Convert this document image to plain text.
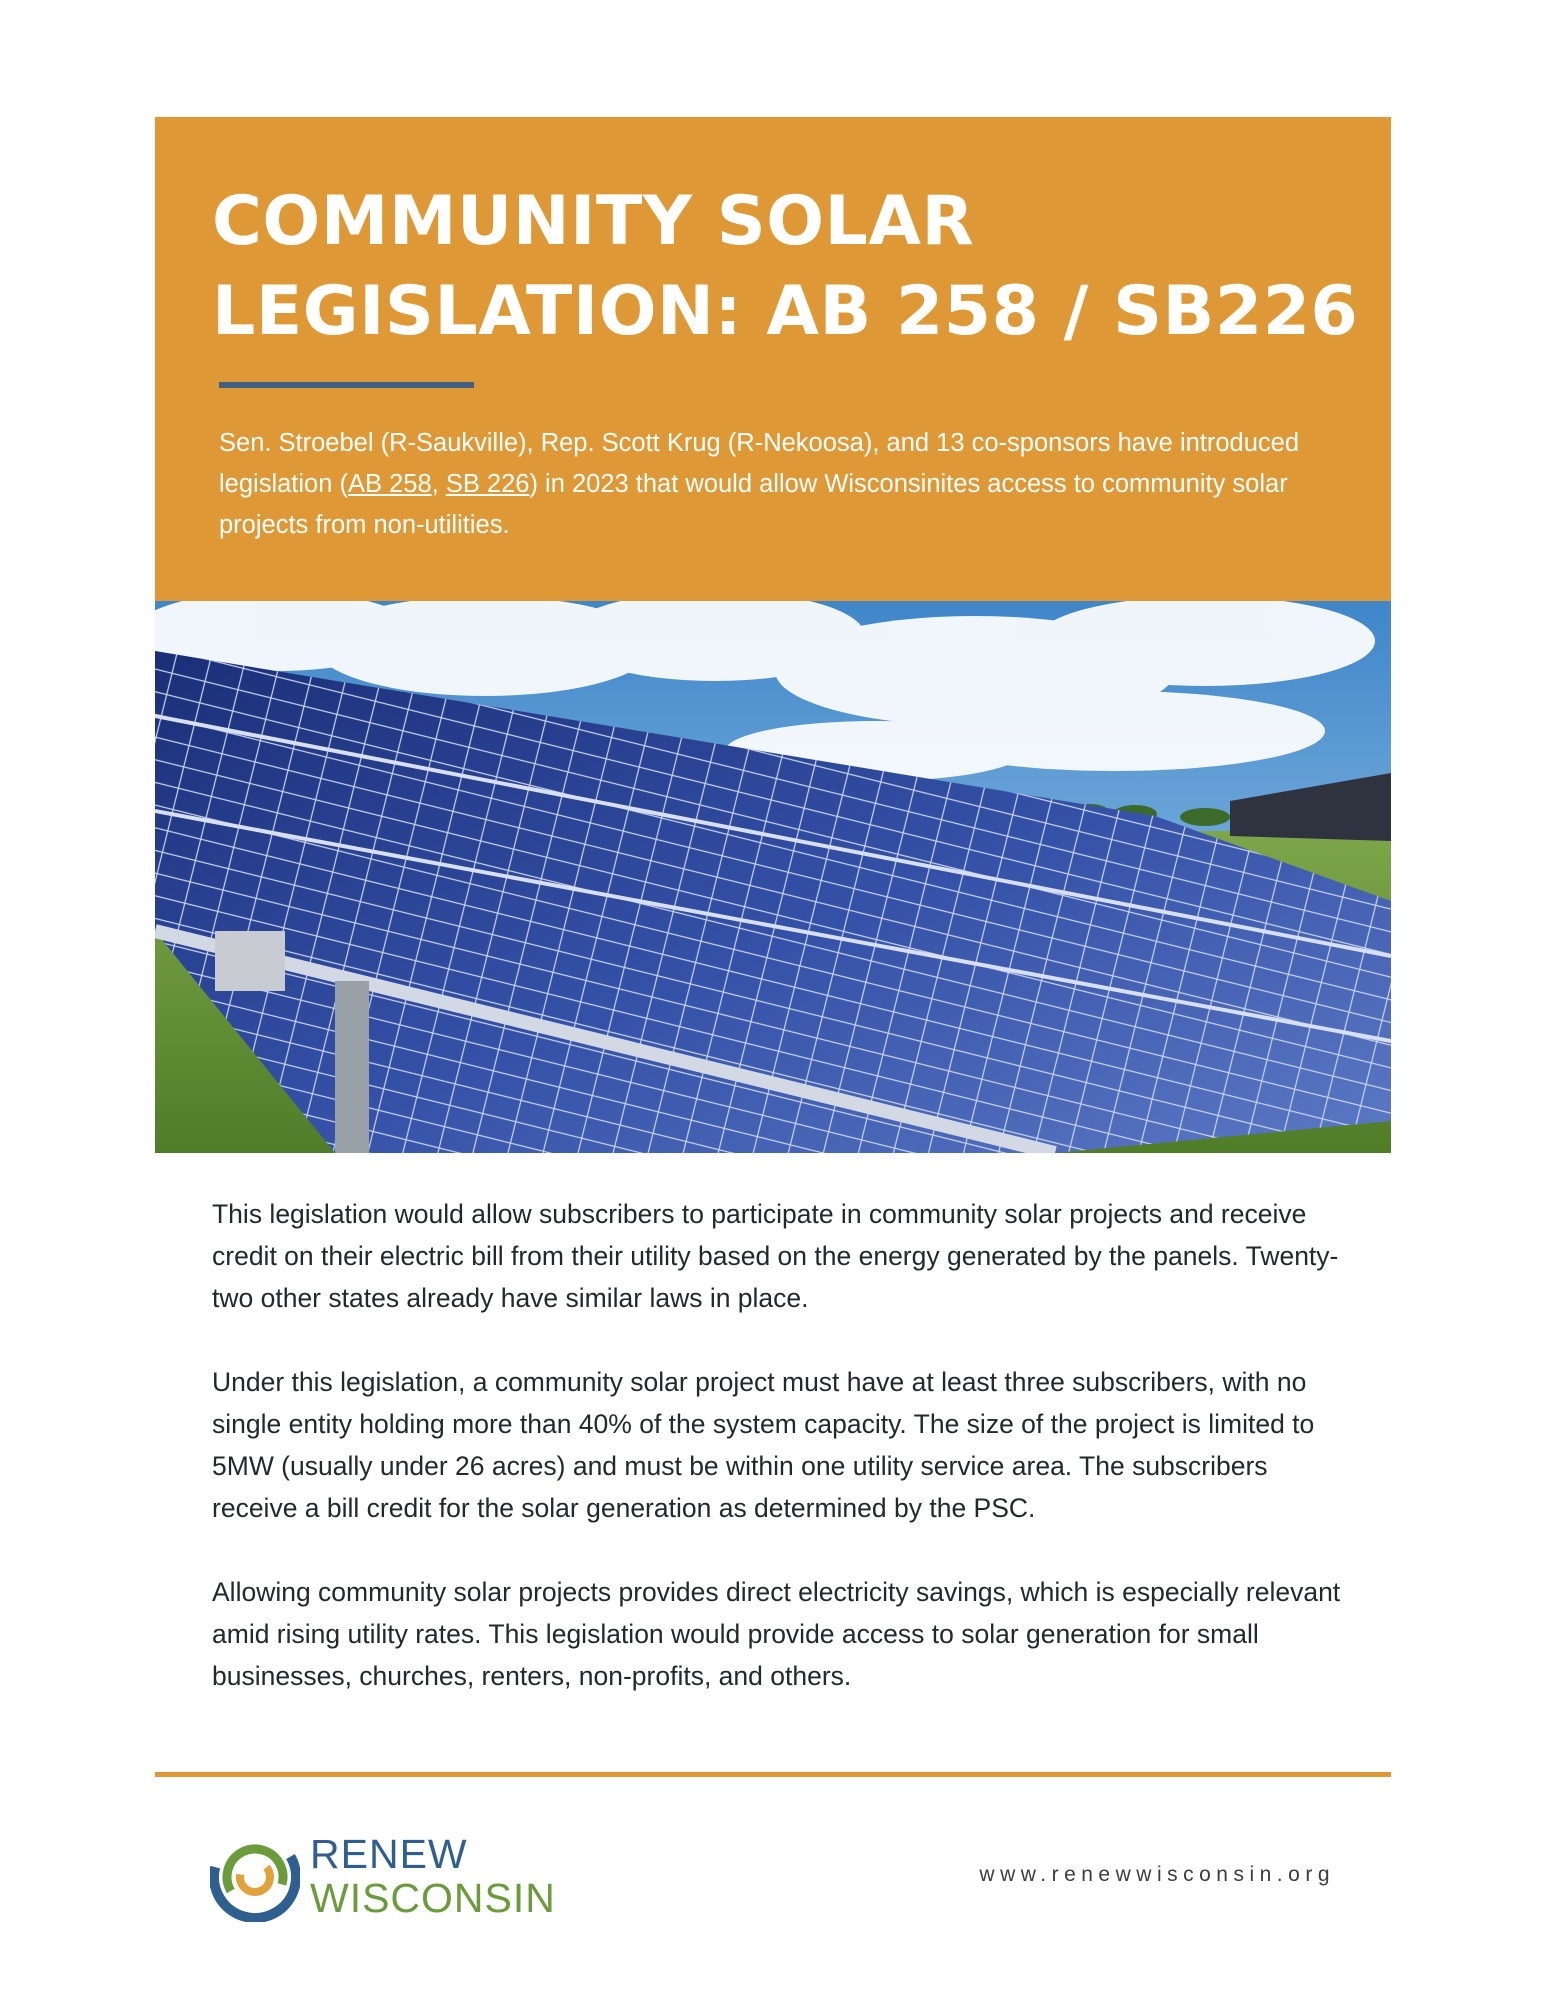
COMMUNITY SOLAR LEGISLATION: AB 258 / SB226

Sen. Stroebel (R-Saukville), Rep. Scott Krug (R-Nekoosa), and 13 co-sponsors have introduced legislation (AB 258, SB 226) in 2023 that would allow Wisconsinites access to community solar projects from non-utilities.

This legislation would allow subscribers to participate in community solar projects and receive credit on their electric bill from their utility based on the energy generated by the panels. Twenty-two other states already have similar laws in place.

Under this legislation, a community solar project must have at least three subscribers, with no single entity holding more than 40% of the system capacity. The size of the project is limited to 5MW (usually under 26 acres) and must be within one utility service area. The subscribers receive a bill credit for the solar generation as determined by the PSC.

Allowing community solar projects provides direct electricity savings, which is especially relevant amid rising utility rates. This legislation would provide access to solar generation for small businesses, churches, renters, non-profits, and others.

RENEW
WISCONSIN
www.renewwisconsin.org
